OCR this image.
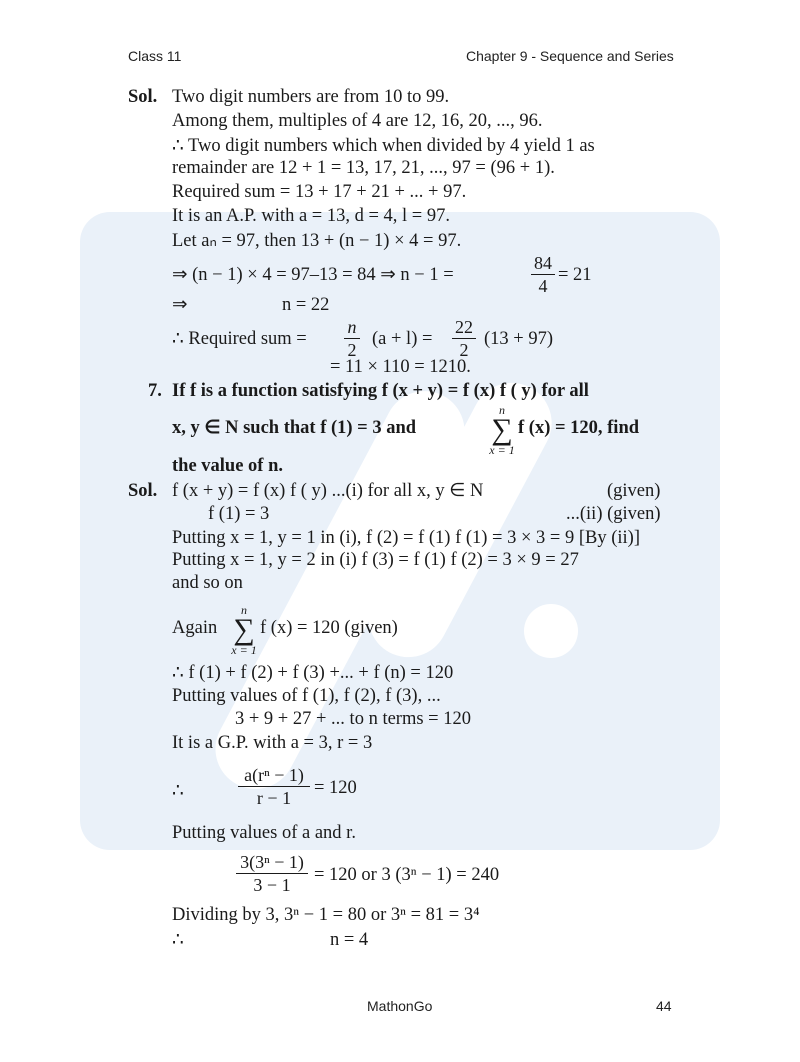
Class 11	Chapter 9 - Sequence and Series
Sol. Two digit numbers are from 10 to 99.
Among them, multiples of 4 are 12, 16, 20, ..., 96.
∴ Two digit numbers which when divided by 4 yield 1 as
remainder are 12 + 1 = 13, 17, 21, ..., 97 = (96 + 1).
Required sum = 13 + 17 + 21 + ... + 97.
It is an A.P. with a = 13, d = 4, l = 97.
Let aₙ = 97, then 13 + (n − 1) × 4 = 97.
⇒ (n − 1) × 4 = 97–13 = 84 ⇒ n − 1 =	$\frac{84}{4} = 21$
⇒	n = 22
∴ Required sum = $\frac{n}{2} (a + l) = \frac{22}{2} (13 + 97)$
= 11 × 110 = 1210.
7. If f is a function satisfying f (x + y) = f (x) f ( y) for all
x, y ∈ N such that f (1) = 3 and
n
∑
x = 1
f (x) = 120, find
the value of n.
Sol. f (x + y) = f (x) f ( y) ...(i) for all x, y ∈ N	(given)
f (1) = 3	...(ii) (given)
Putting x = 1, y = 1 in (i), f (2) = f (1) f (1) = 3 × 3 = 9 [By (ii)]
Putting x = 1, y = 2 in (i) f (3) = f (1) f (2) = 3 × 9 = 27
and so on
Again
n
∑
x = 1
f (x) = 120 (given)
∴ f (1) + f (2) + f (3) +... + f (n) = 120
Putting values of f (1), f (2), f (3), ...
3 + 9 + 27 + ... to n terms = 120
It is a G.P. with a = 3, r = 3
∴	$\frac{\text{a(rⁿ − 1)}}{r - 1} = 120$
Putting values of a and r.
$\frac{\text{3(3ⁿ − 1)}}{3 - 1} = 120$ or 3 (3ⁿ − 1) = 240
Dividing by 3, 3ⁿ − 1 = 80 or 3ⁿ = 81 = 3⁴
∴	n = 4
MathonGo	44
